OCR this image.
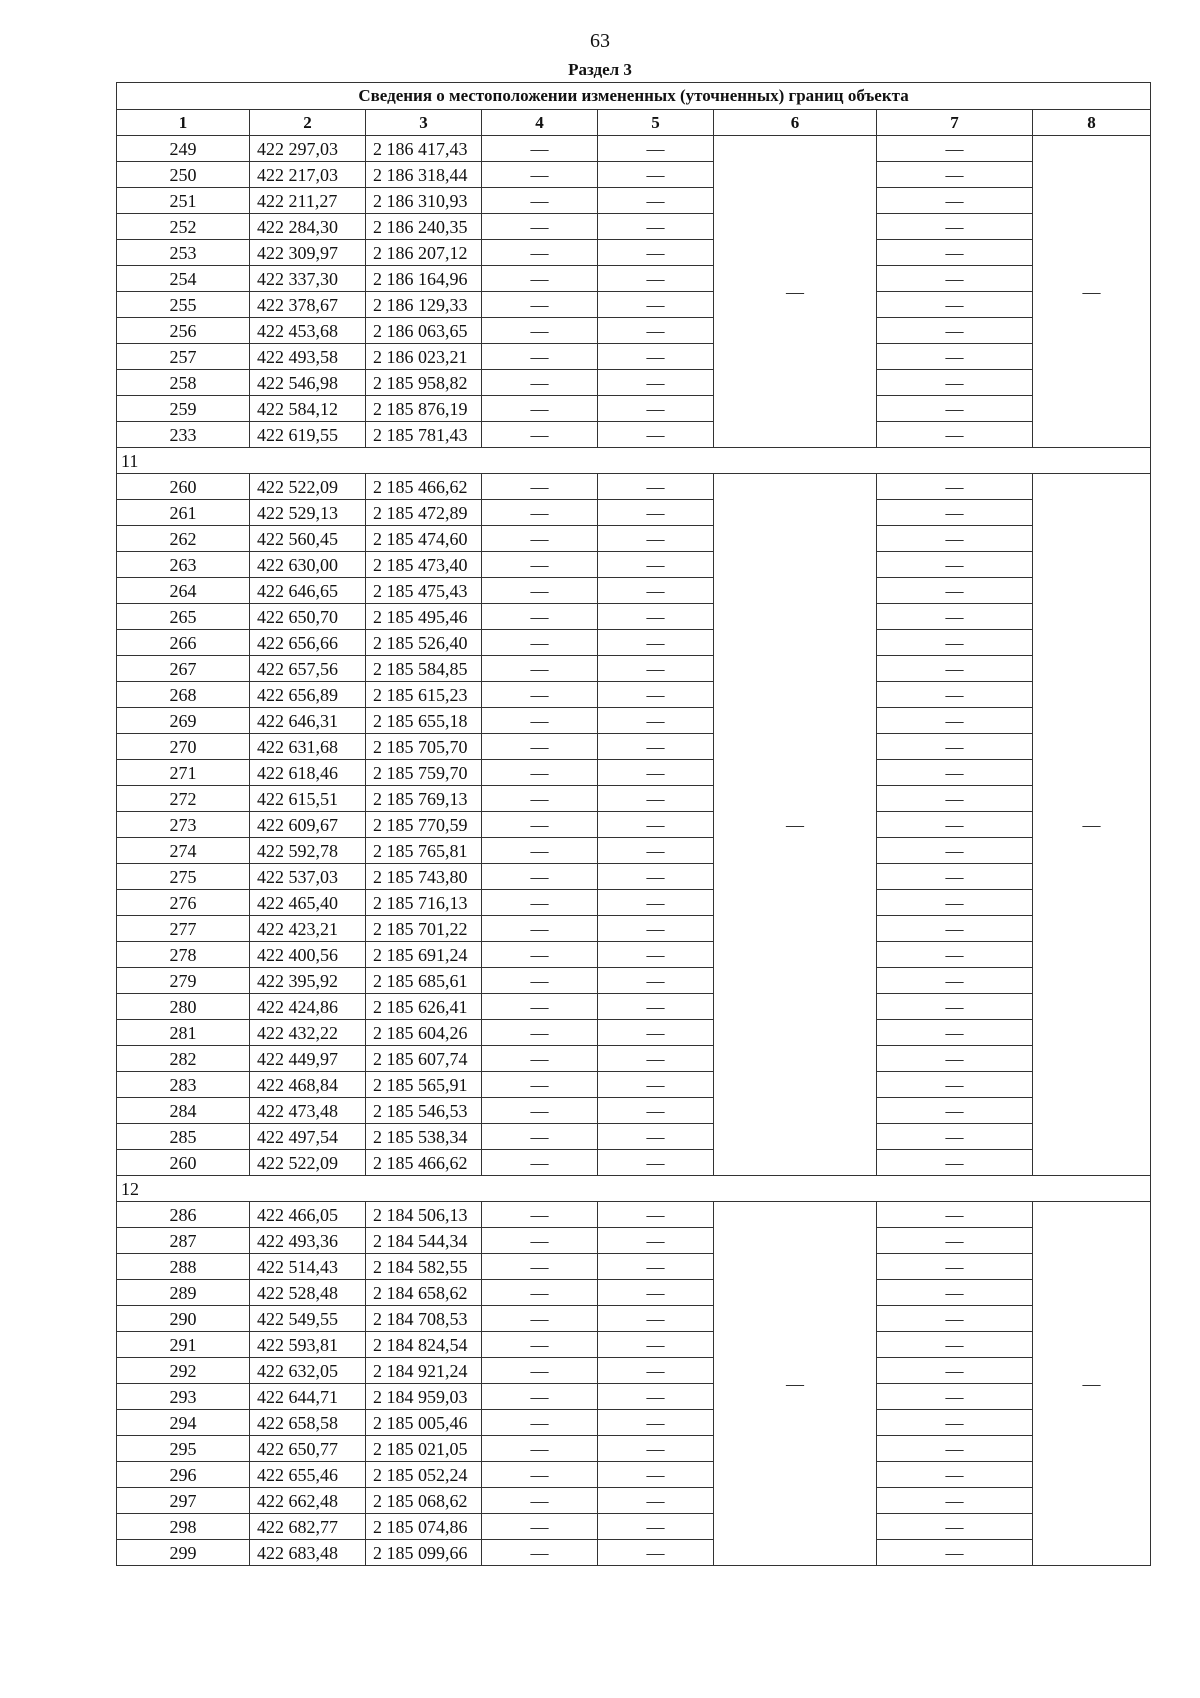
63
Раздел 3
Сведения о местоположении измененных (уточненных) границ объекта							
1	2	3	4	5	6	7	8
249	422 297,03	2 186 417,43	—	—	—	—	—
250	422 217,03	2 186 318,44	—	—		—	
251	422 211,27	2 186 310,93	—	—		—	
252	422 284,30	2 186 240,35	—	—		—	
253	422 309,97	2 186 207,12	—	—		—	
254	422 337,30	2 186 164,96	—	—		—	
255	422 378,67	2 186 129,33	—	—		—	
256	422 453,68	2 186 063,65	—	—		—	
257	422 493,58	2 186 023,21	—	—		—	
258	422 546,98	2 185 958,82	—	—		—	
259	422 584,12	2 185 876,19	—	—		—	
233	422 619,55	2 185 781,43	—	—		—	
11							
260	422 522,09	2 185 466,62	—	—	—	—	—
261	422 529,13	2 185 472,89	—	—		—	
262	422 560,45	2 185 474,60	—	—		—	
263	422 630,00	2 185 473,40	—	—		—	
264	422 646,65	2 185 475,43	—	—		—	
265	422 650,70	2 185 495,46	—	—		—	
266	422 656,66	2 185 526,40	—	—		—	
267	422 657,56	2 185 584,85	—	—		—	
268	422 656,89	2 185 615,23	—	—		—	
269	422 646,31	2 185 655,18	—	—		—	
270	422 631,68	2 185 705,70	—	—		—	
271	422 618,46	2 185 759,70	—	—		—	
272	422 615,51	2 185 769,13	—	—		—	
273	422 609,67	2 185 770,59	—	—		—	
274	422 592,78	2 185 765,81	—	—		—	
275	422 537,03	2 185 743,80	—	—		—	
276	422 465,40	2 185 716,13	—	—		—	
277	422 423,21	2 185 701,22	—	—		—	
278	422 400,56	2 185 691,24	—	—		—	
279	422 395,92	2 185 685,61	—	—		—	
280	422 424,86	2 185 626,41	—	—		—	
281	422 432,22	2 185 604,26	—	—		—	
282	422 449,97	2 185 607,74	—	—		—	
283	422 468,84	2 185 565,91	—	—		—	
284	422 473,48	2 185 546,53	—	—		—	
285	422 497,54	2 185 538,34	—	—		—	
260	422 522,09	2 185 466,62	—	—		—	
12							
286	422 466,05	2 184 506,13	—	—	—	—	—
287	422 493,36	2 184 544,34	—	—		—	
288	422 514,43	2 184 582,55	—	—		—	
289	422 528,48	2 184 658,62	—	—		—	
290	422 549,55	2 184 708,53	—	—		—	
291	422 593,81	2 184 824,54	—	—		—	
292	422 632,05	2 184 921,24	—	—		—	
293	422 644,71	2 184 959,03	—	—		—	
294	422 658,58	2 185 005,46	—	—		—	
295	422 650,77	2 185 021,05	—	—		—	
296	422 655,46	2 185 052,24	—	—		—	
297	422 662,48	2 185 068,62	—	—		—	
298	422 682,77	2 185 074,86	—	—		—	
299	422 683,48	2 185 099,66	—	—		—	
